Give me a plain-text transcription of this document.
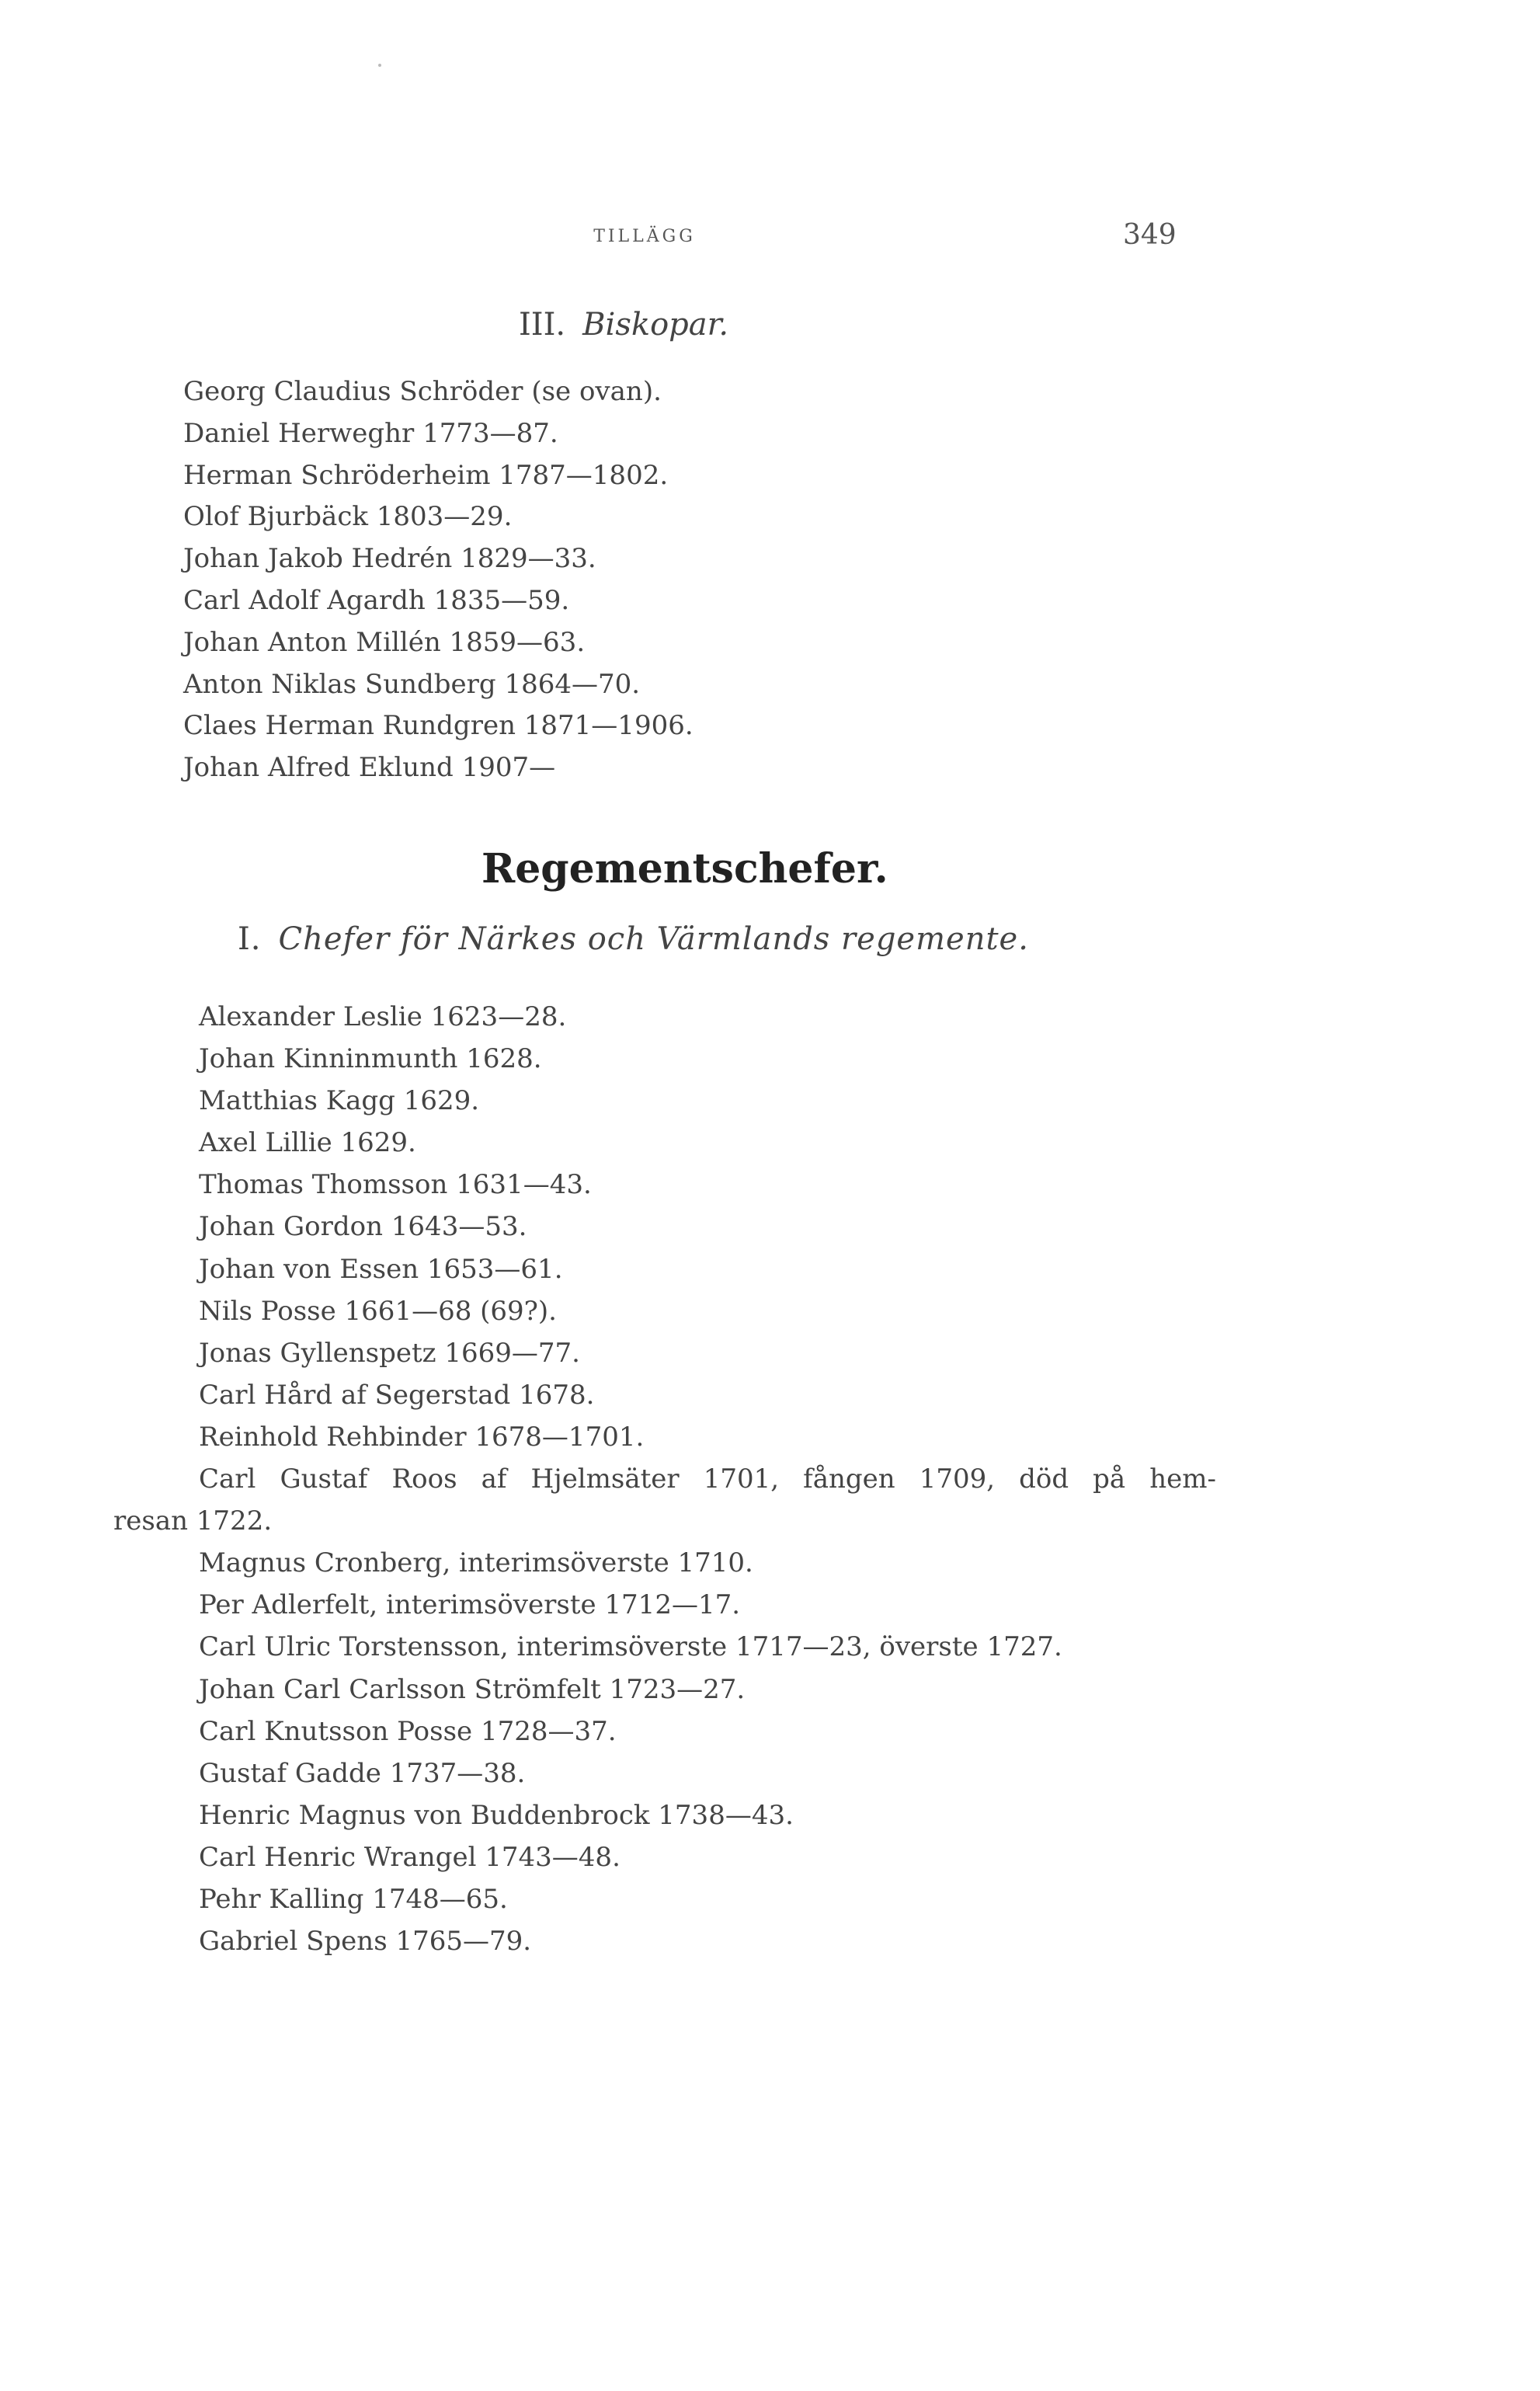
TILLÄGG	349
III. Biskopar.
Georg Claudius Schröder (se ovan).
Daniel Herweghr 1773—87.
Herman Schröderheim 1787—1802.
Olof Bjurbäck 1803—29.
Johan Jakob Hedrén 1829—33.
Carl Adolf Agardh 1835—59.
Johan Anton Millén 1859—63.
Anton Niklas Sundberg 1864—70.
Claes Herman Rundgren 1871—1906.
Johan Alfred Eklund 1907—
Regementschefer.
I. Chefer för Närkes och Värmlands regemente.
Alexander Leslie 1623—28.
Johan Kinninmunth 1628.
Matthias Kagg 1629.
Axel Lillie 1629.
Thomas Thomsson 1631—43.
Johan Gordon 1643—53.
Johan von Essen 1653—61.
Nils Posse 1661—68 (69?).
Jonas Gyllenspetz 1669—77.
Carl Hård af Segerstad 1678.
Reinhold Rehbinder 1678—1701.
Carl Gustaf Roos af Hjelmsäter 1701, fången 1709, död på hem-
resan 1722.
Magnus Cronberg, interimsöverste 1710.
Per Adlerfelt, interimsöverste 1712—17.
Carl Ulric Torstensson, interimsöverste 1717—23, överste 1727.
Johan Carl Carlsson Strömfelt 1723—27.
Carl Knutsson Posse 1728—37.
Gustaf Gadde 1737—38.
Henric Magnus von Buddenbrock 1738—43.
Carl Henric Wrangel 1743—48.
Pehr Kalling 1748—65.
Gabriel Spens 1765—79.
